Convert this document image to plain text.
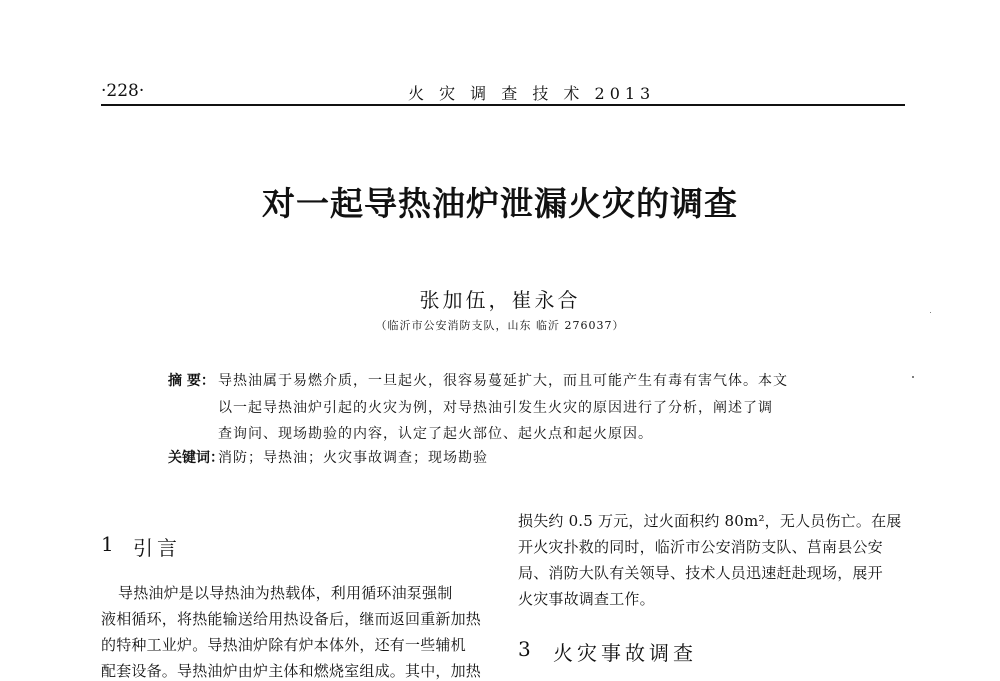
·228·	火 灾 调 查 技 术 2013
对一起导热油炉泄漏火灾的调查
张加伍，崔永合
（临沂市公安消防支队，山东 临沂 276037）
摘 要： 导热油属于易燃介质，一旦起火，很容易蔓延扩大，而且可能产生有毒有害气体。本文
以一起导热油炉引起的火灾为例，对导热油引发生火灾的原因进行了分析，阐述了调
查询问、现场勘验的内容，认定了起火部位、起火点和起火原因。
关键词：
消防；导热油；火灾事故调查；现场勘验
损失约 0.5 万元，过火面积约 80m²，无人员伤亡。在展
开火灾扑救的同时，临沂市公安消防支队、莒南县公安
局、消防大队有关领导、技术人员迅速赶赴现场，展开
火灾事故调查工作。
1 引言
导热油炉是以导热油为热载体，利用循环油泵强制
液相循环，将热能输送给用热设备后，继而返回重新加热
的特种工业炉。导热油炉除有炉本体外，还有一些辅机
配套设备。导热油炉由炉主体和燃烧室组成。其中，加热
3 火灾事故调查
